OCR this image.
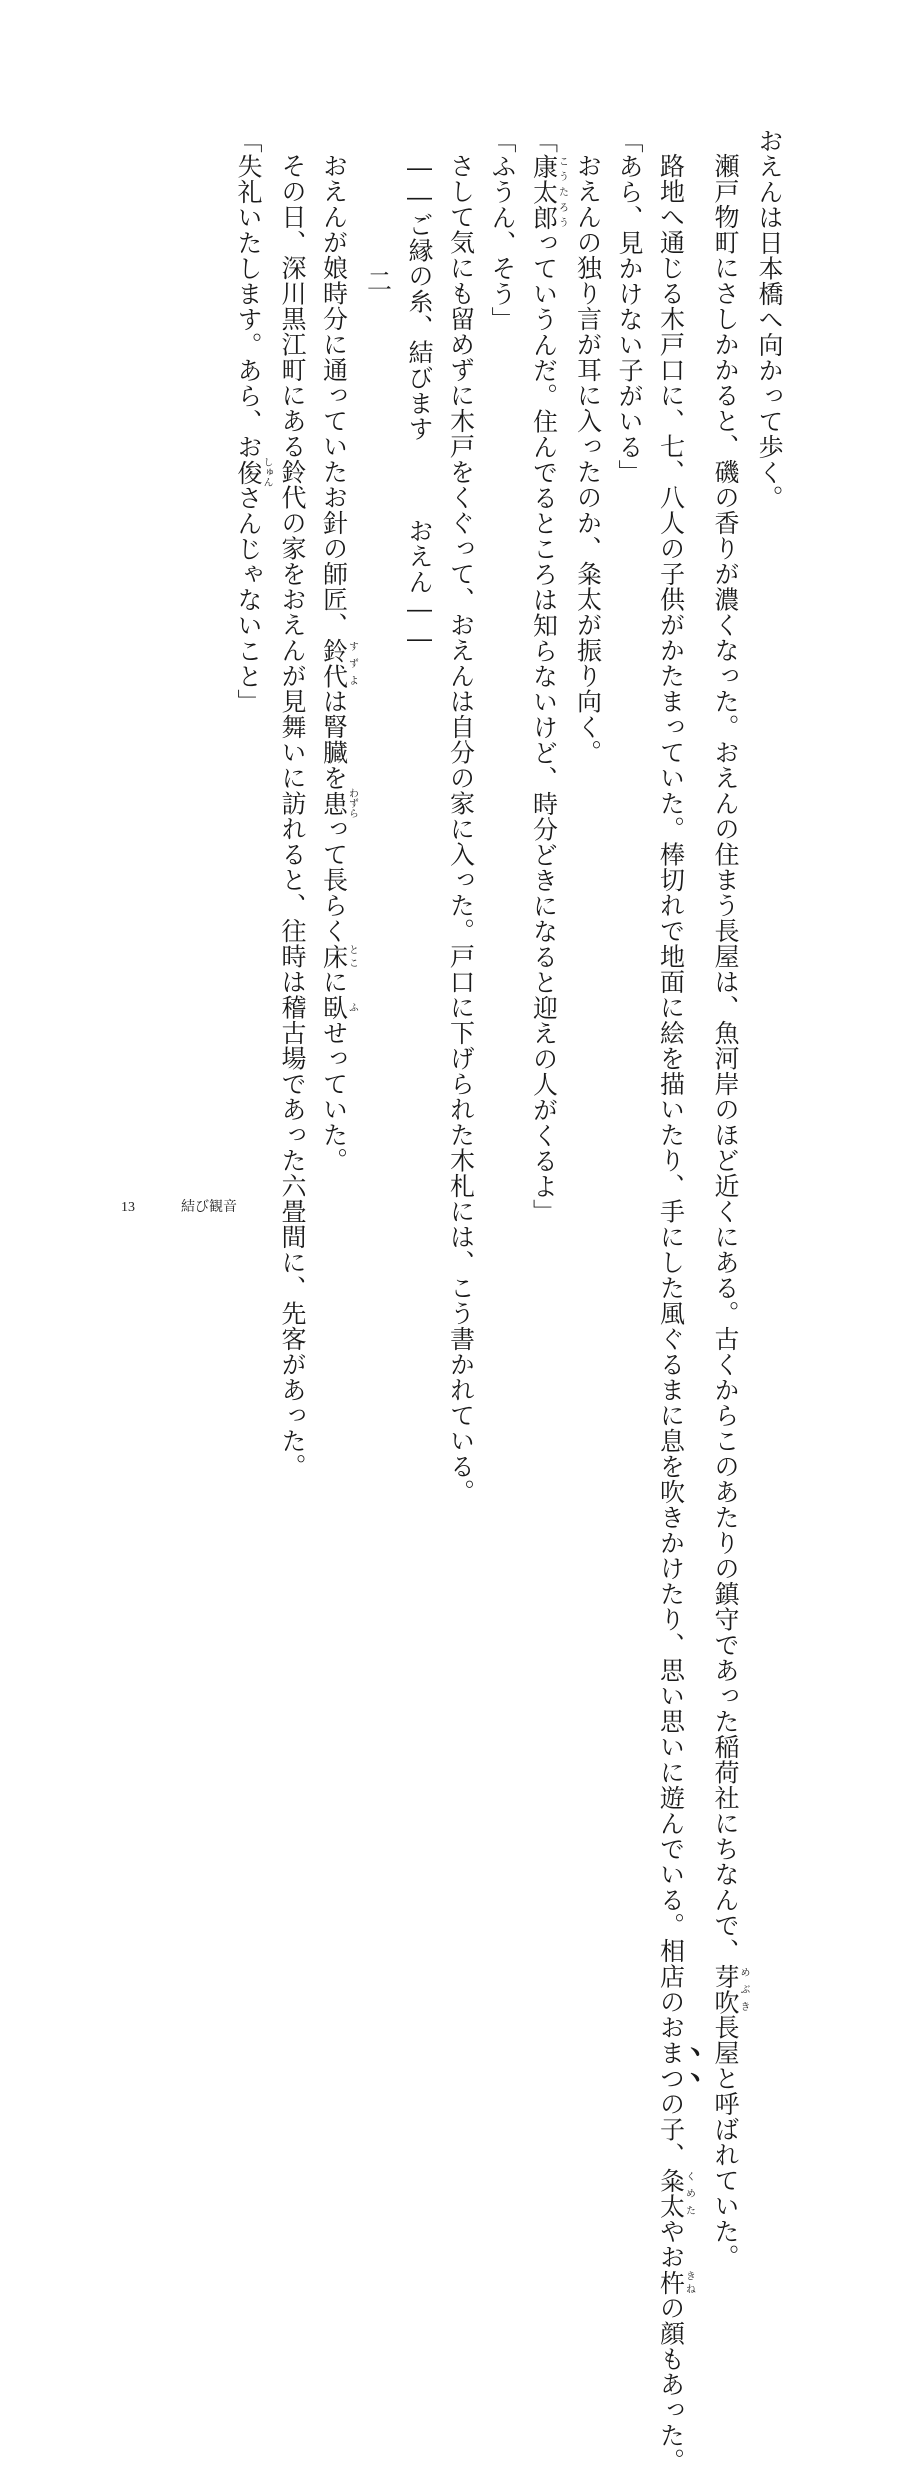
おえんは日本橋へ向かって歩く。

瀬戸物町にさしかかると、磯の香りが濃くなった。おえんの住まう長屋は、魚河岸のほど近くにある。古くからこのあたりの鎮守であった稲荷社にちなんで、芽吹めぶき長屋と呼ばれていた。

路地へ通じる木戸口に、七、八人の子供がかたまっていた。棒切れで地面に絵を描いたり、手にした風ぐるまに息を吹きかけたり、思い思いに遊んでいる。相店のおまつの子、粂太くめたやお杵きねの顔もあった。

「あら、見かけない子がいる」

おえんの独り言が耳に入ったのか、粂太が振り向く。

「康太郎こうたろうっていうんだ。住んでるところは知らないけど、時分どきになると迎えの人がくるよ」

「ふうん、そう」

さして気にも留めずに木戸をくぐって、おえんは自分の家に入った。戸口に下げられた木札には、こう書かれている。

――ご縁の糸、結びます　　　おえん――

二

おえんが娘時分に通っていたお針の師匠、鈴代すずよは腎臓を患わずらって長らく床とこに臥ふせっていた。

その日、深川黒江町にある鈴代の家をおえんが見舞いに訪れると、往時は稽古場であった六畳間に、先客があった。

「失礼いたします。あら、お俊しゅんさんじゃないこと」

13	結び観音
